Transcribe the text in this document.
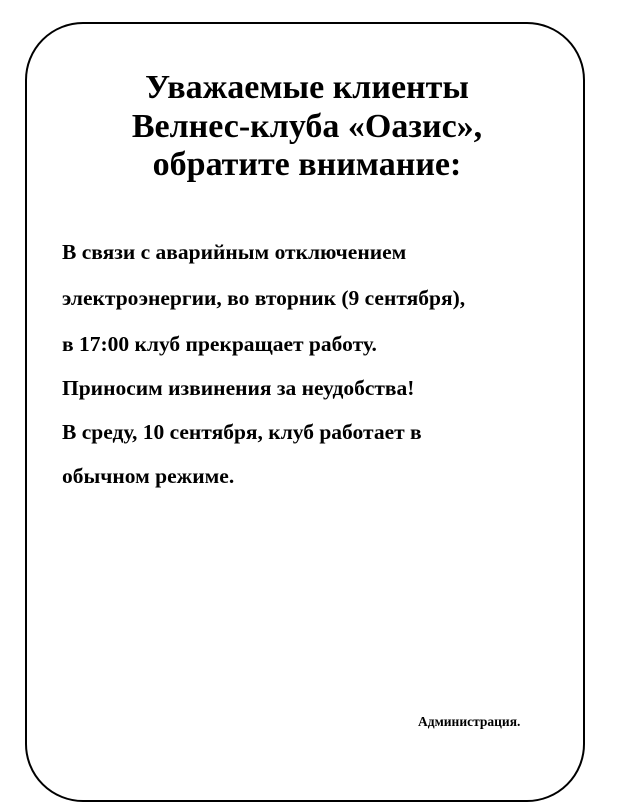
Уважаемые клиенты
Велнес-клуба «Оазис»,
обратите внимание:
В связи с аварийным отключением
электроэнергии, во вторник (9 сентября),
в 17:00 клуб прекращает работу.
Приносим извинения за неудобства!
В среду, 10 сентября, клуб работает в
обычном режиме.

Администрация.
